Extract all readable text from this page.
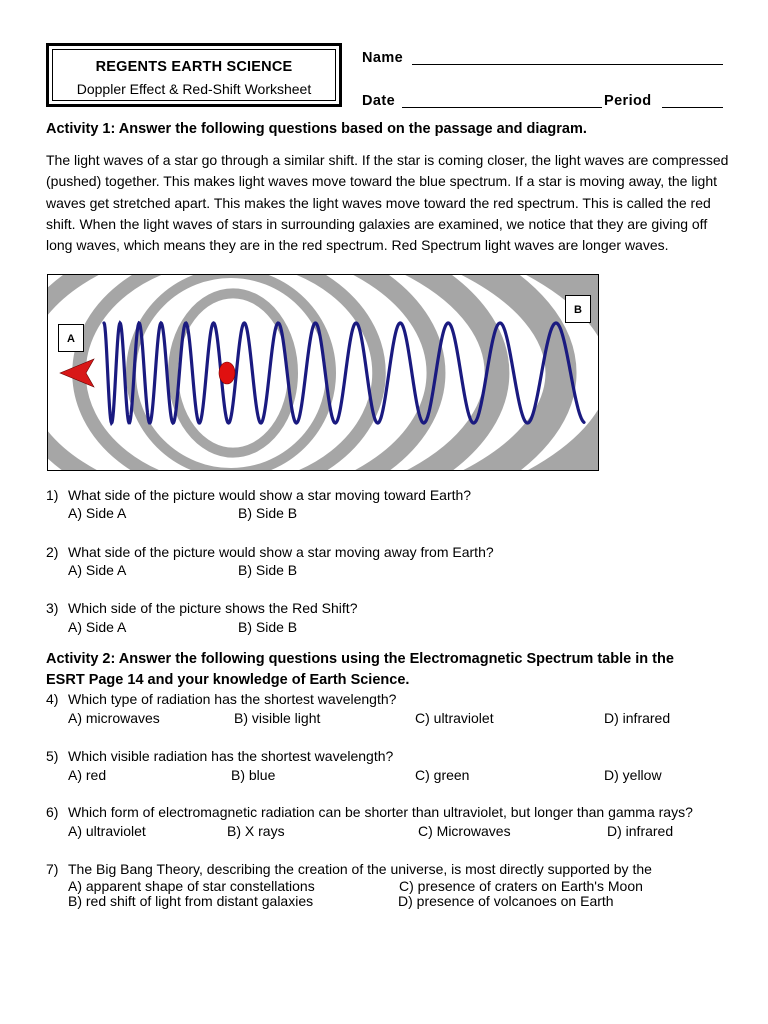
REGENTS EARTH SCIENCE
Doppler Effect & Red-Shift Worksheet
Name
Date	Period
Activity 1: Answer the following questions based on the passage and diagram.
The light waves of a star go through a similar shift. If the star is coming closer, the light waves are compressed (pushed) together. This makes light waves move toward the blue spectrum. If a star is moving away, the light waves get stretched apart. This makes the light waves move toward the red spectrum. This is called the red shift. When the light waves of stars in surrounding galaxies are examined, we notice that they are giving off long waves, which means they are in the red spectrum. Red Spectrum light waves are longer waves.
A
B
1) What side of the picture would show a star moving toward Earth?
A) Side A	B) Side B
2) What side of the picture would show a star moving away from Earth?
A) Side A	B) Side B
3) Which side of the picture shows the Red Shift?
A) Side A	B) Side B
Activity 2: Answer the following questions using the Electromagnetic Spectrum table in the
ESRT Page 14 and your knowledge of Earth Science.
4) Which type of radiation has the shortest wavelength?
A) microwaves	B) visible light	C) ultraviolet	D) infrared
5) Which visible radiation has the shortest wavelength?
A) red	B) blue	C) green	D) yellow
6) Which form of electromagnetic radiation can be shorter than ultraviolet, but longer than gamma rays?
A) ultraviolet	B) X rays	C) Microwaves	D) infrared
7) The Big Bang Theory, describing the creation of the universe, is most directly supported by the
A) apparent shape of star constellations	C) presence of craters on Earth's Moon
B) red shift of light from distant galaxies	D) presence of volcanoes on Earth
